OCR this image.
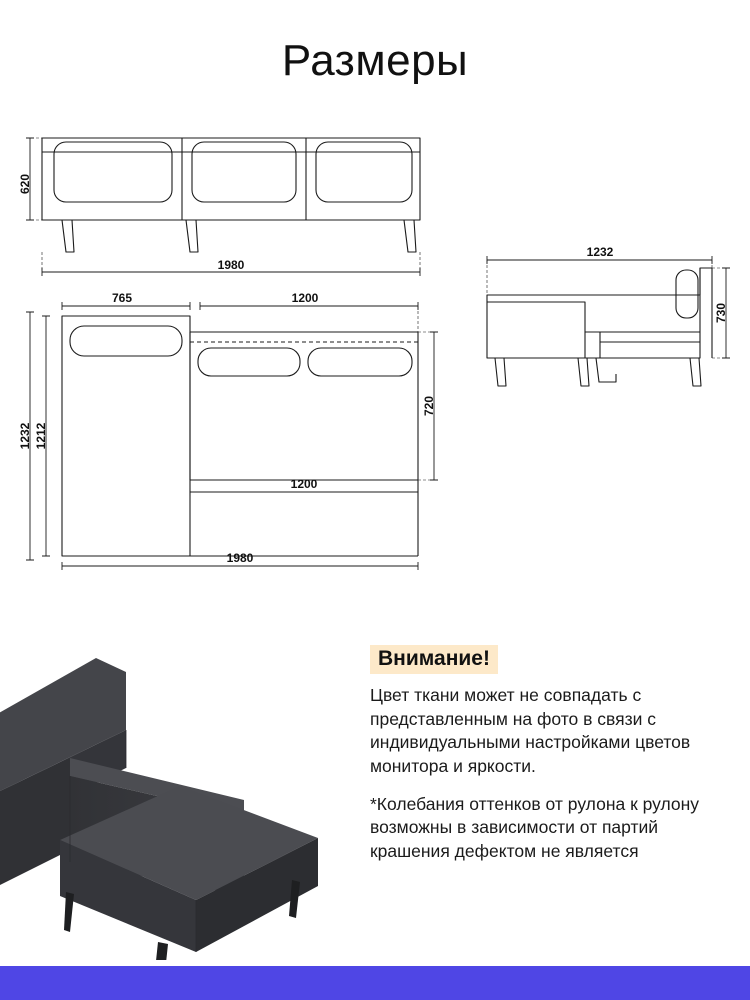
Размеры
620
1980
1232
730
765	1200
1232 1212
720
1200
1980
Внимание!

Цвет ткани может не совпадать с представленным на фото в связи с индивидуальными настройками цветов монитора и яркости.

*Колебания оттенков от рулона к рулону возможны в зависимости от партий крашения дефектом не является
